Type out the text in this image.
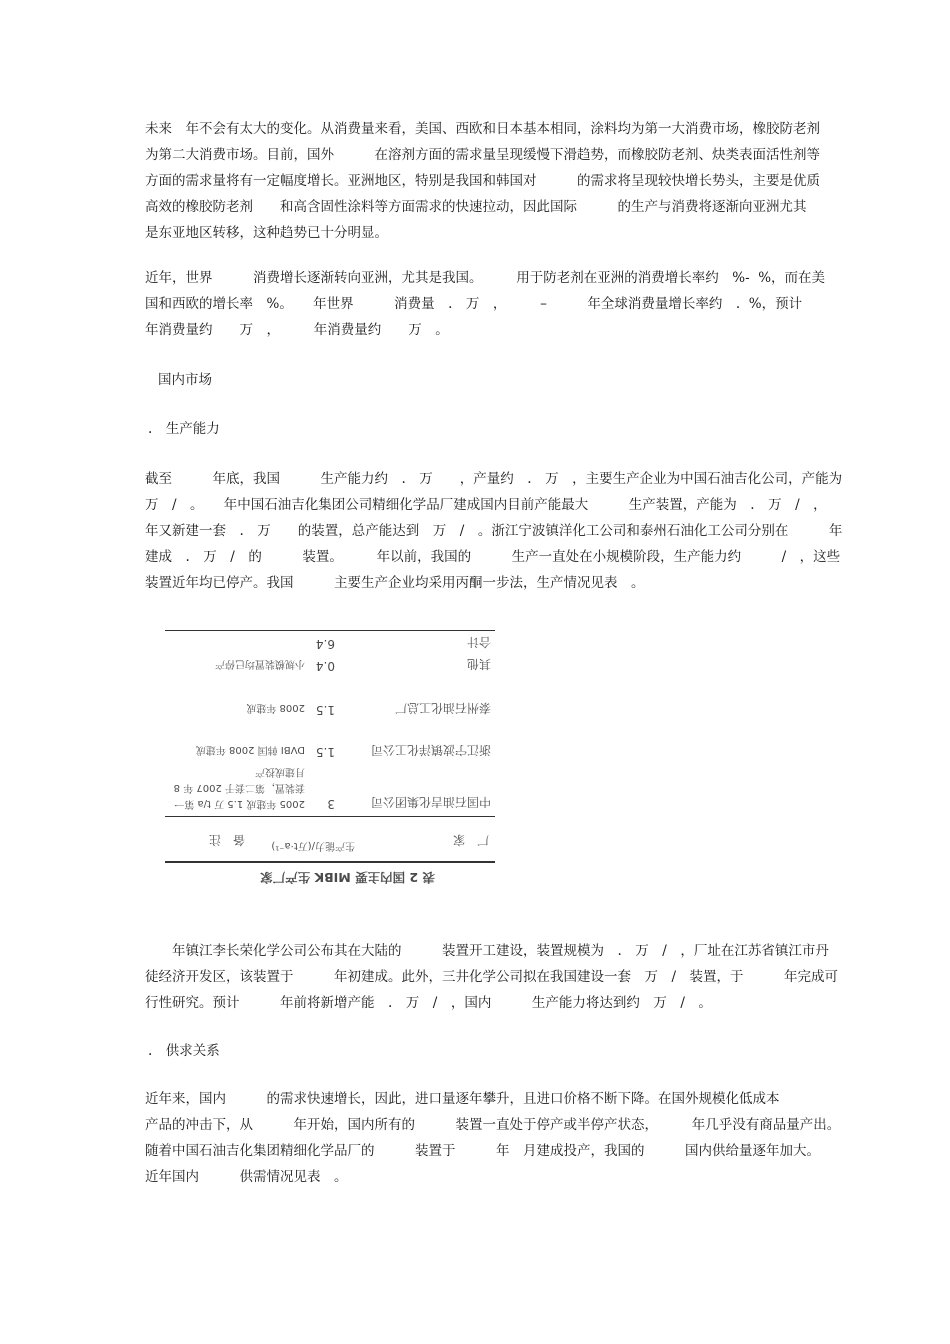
未来　年不会有太大的变化。从消费量来看，美国、西欧和日本基本相同，涂料均为第一大消费市场，橡胶防老剂
为第二大消费市场。目前，国外　　　在溶剂方面的需求量呈现缓慢下滑趋势，而橡胶防老剂、炔类表面活性剂等
方面的需求量将有一定幅度增长。亚洲地区，特别是我国和韩国对　　　的需求将呈现较快增长势头，主要是优质
高效的橡胶防老剂　　和高含固性涂料等方面需求的快速拉动，因此国际　　　的生产与消费将逐渐向亚洲尤其
是东亚地区转移，这种趋势已十分明显。
近年，世界　　　消费增长逐渐转向亚洲，尤其是我国。　　　用于防老剂在亚洲的消费增长率约　%-  %，而在美
国和西欧的增长率　%。　　年世界　　　消费量　.　万　，　　　–　　　年全球消费量增长率约　.  %，预计
年消费量约　　万　，　　　年消费量约　　万　。
国内市场
.　生产能力
截至　　　年底，我国　　　生产能力约　.　万　　，产量约　.　万　，主要生产企业为中国石油吉化公司，产能为
万　/　。　　年中国石油吉化集团公司精细化学品厂建成国内目前产能最大　　　生产装置，产能为　.　万　/　，
年又新建一套　.　万　　的装置，总产能达到　万　/　。浙江宁波镇洋化工公司和泰州石油化工公司分别在　　　年
建成　.　万　/　的　　　装置。　　　年以前，我国的　　　生产一直处在小规模阶段，生产能力约　　　/　，这些
装置近年均已停产。我国　　　主要生产企业均采用丙酮一步法，生产情况见表　。
表 2 国内主要 MIBK 生产厂家
厂　家
生产能力/(万t·a⁻¹)
备　注
中国石油吉化集团公司
3
2005 年建成 1.5 万 t/a 第一套装置，第二套于 2007 年 8 月建成投产
浙江宁波镇洋化工公司
1.5
DVBI 韩国 2008 年建成
泰州石油化工总厂
1.5
2008 年建成
其他
0.4
小规模装置均已停产
合计
6.4
　　年镇江李长荣化学公司公布其在大陆的　　　装置开工建设，装置规模为　.　万　/　，厂址在江苏省镇江市丹
徒经济开发区，该装置于　　　年初建成。此外，三井化学公司拟在我国建设一套　万　/　装置，于　　　年完成可
行性研究。预计　　　年前将新增产能　.　万　/　，国内　　　生产能力将达到约　万　/　。
.　供求关系
近年来，国内　　　的需求快速增长，因此，进口量逐年攀升，且进口价格不断下降。在国外规模化低成本
产品的冲击下，从　　　年开始，国内所有的　　　装置一直处于停产或半停产状态，　　　年几乎没有商品量产出。
随着中国石油吉化集团精细化学品厂的　　　装置于　　　年　月建成投产，我国的　　　国内供给量逐年加大。
近年国内　　　供需情况见表　。
